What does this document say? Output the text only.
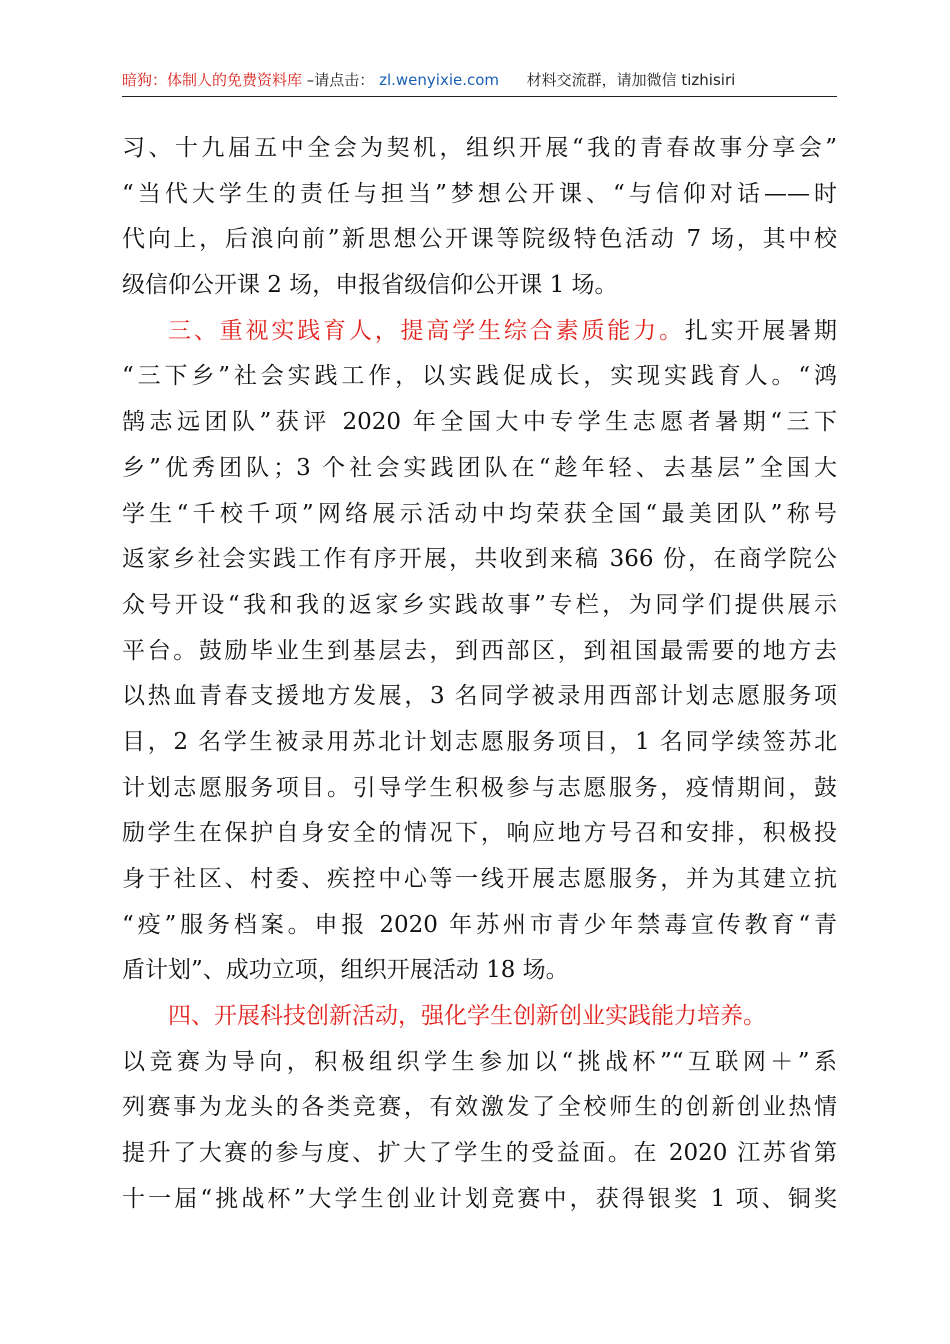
暗狗：体制人的免费资料库 –请点击： zl.wenyixie.com 材料交流群，请加微信 tizhisiri
习、十九届五中全会为契机，组织开展“我的青春故事分享会”
“当代大学生的责任与担当”梦想公开课、“与信仰对话——时
代向上，后浪向前”新思想公开课等院级特色活动 7 场，其中校
级信仰公开课 2 场，申报省级信仰公开课 1 场。
三、重视实践育人，提高学生综合素质能力。扎实开展暑期
“三下乡”社会实践工作，以实践促成长，实现实践育人。“鸿
鹄志远团队”获评 2020 年全国大中专学生志愿者暑期“三下
乡”优秀团队；3 个社会实践团队在“趁年轻、去基层”全国大
学生“千校千项”网络展示活动中均荣获全国“最美团队”称号
返家乡社会实践工作有序开展，共收到来稿 366 份，在商学院公
众号开设“我和我的返家乡实践故事”专栏，为同学们提供展示
平台。鼓励毕业生到基层去，到西部区，到祖国最需要的地方去
以热血青春支援地方发展，3 名同学被录用西部计划志愿服务项
目，2 名学生被录用苏北计划志愿服务项目，1 名同学续签苏北
计划志愿服务项目。引导学生积极参与志愿服务，疫情期间，鼓
励学生在保护自身安全的情况下，响应地方号召和安排，积极投
身于社区、村委、疾控中心等一线开展志愿服务，并为其建立抗
“疫”服务档案。申报 2020 年苏州市青少年禁毒宣传教育“青
盾计划”、成功立项，组织开展活动 18 场。
四、开展科技创新活动，强化学生创新创业实践能力培养。
以竞赛为导向，积极组织学生参加以“挑战杯”“互联网＋”系
列赛事为龙头的各类竞赛，有效激发了全校师生的创新创业热情
提升了大赛的参与度、扩大了学生的受益面。在 2020 江苏省第
十一届“挑战杯”大学生创业计划竞赛中，获得银奖 1 项、铜奖
